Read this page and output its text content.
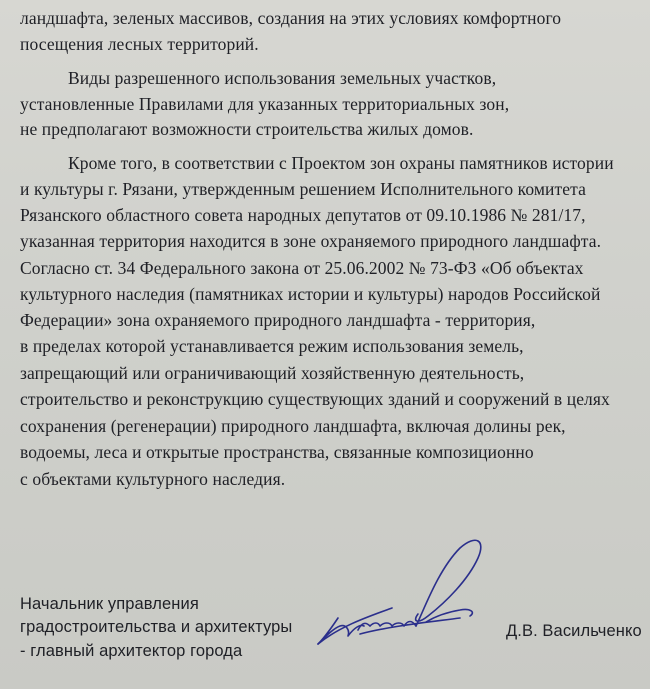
ландшафта, зеленых массивов, создания на этих условиях комфортного
посещения лесных территорий.
Виды разрешенного использования земельных участков,
установленные Правилами для указанных территориальных зон,
не предполагают возможности строительства жилых домов.
Кроме того, в соответствии с Проектом зон охраны памятников истории
и культуры г. Рязани, утвержденным решением Исполнительного комитета
Рязанского областного совета народных депутатов от 09.10.1986 № 281/17,
указанная территория находится в зоне охраняемого природного ландшафта.
Согласно ст. 34 Федерального закона от 25.06.2002 № 73-ФЗ «Об объектах
культурного наследия (памятниках истории и культуры) народов Российской
Федерации» зона охраняемого природного ландшафта - территория,
в пределах которой устанавливается режим использования земель,
запрещающий или ограничивающий хозяйственную деятельность,
строительство и реконструкцию существующих зданий и сооружений в целях
сохранения (регенерации) природного ландшафта, включая долины рек,
водоемы, леса и открытые пространства, связанные композиционно
с объектами культурного наследия.
Начальник управления
градостроительства и архитектуры
- главный архитектор города
Д.В. Васильченко
